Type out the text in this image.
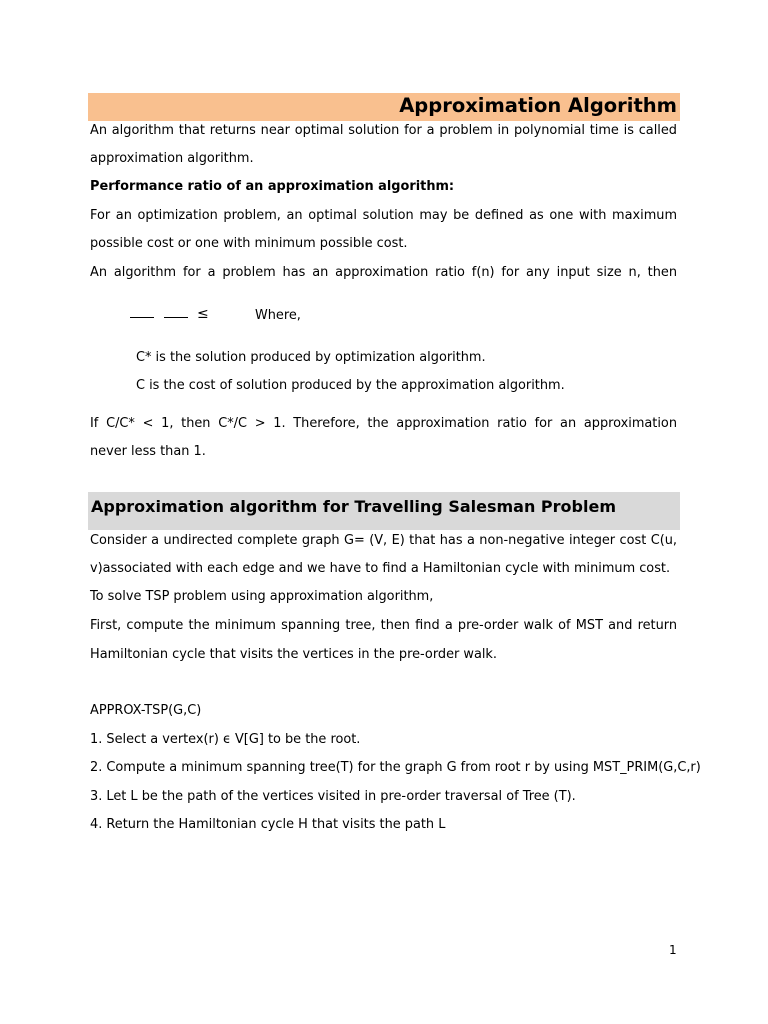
Approximation Algorithm
An algorithm that returns near optimal solution for a problem in polynomial time is called
approximation algorithm.
Performance ratio of an approximation algorithm:
For an optimization problem, an optimal solution may be defined as one with maximum
possible cost or one with minimum possible cost.
An algorithm for a problem has an approximation ratio f(n) for any input size n, then
≤	Where,
C* is the solution produced by optimization algorithm.
C is the cost of solution produced by the approximation algorithm.
If C/C* < 1, then C*/C > 1. Therefore, the approximation ratio for an approximation
never less than 1.
Approximation algorithm for Travelling Salesman Problem
Consider a undirected complete graph G= (V, E) that has a non-negative integer cost C(u,
v)associated with each edge and we have to find a Hamiltonian cycle with minimum cost.
To solve TSP problem using approximation algorithm,
First, compute the minimum spanning tree, then find a pre-order walk of MST and return
Hamiltonian cycle that visits the vertices in the pre-order walk.
APPROX-TSP(G,C)
1. Select a vertex(r) ϵ V[G] to be the root.
2. Compute a minimum spanning tree(T) for the graph G from root r by using MST_PRIM(G,C,r)
3. Let L be the path of the vertices visited in pre-order traversal of Tree (T).
4. Return the Hamiltonian cycle H that visits the path L
1
